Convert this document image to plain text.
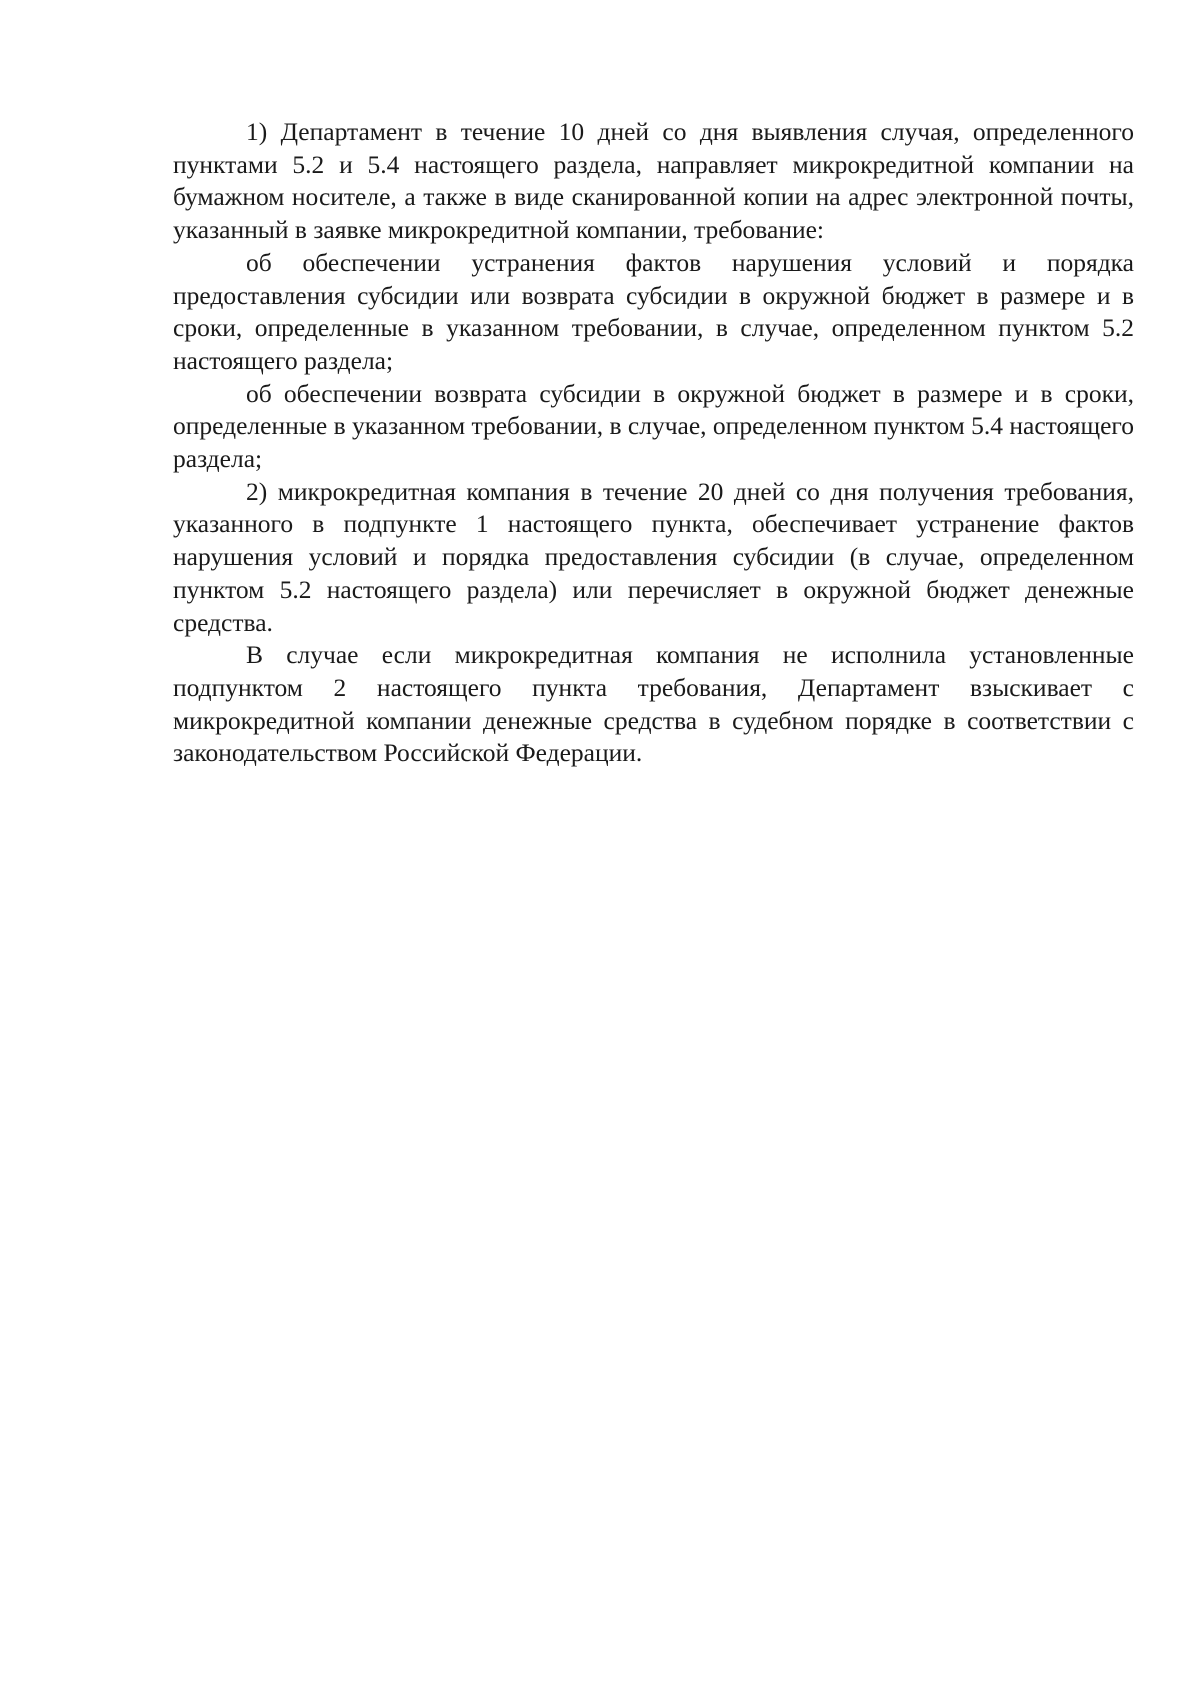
1) Департамент в течение 10 дней со дня выявления случая, определенного пунктами 5.2 и 5.4 настоящего раздела, направляет микрокредитной компании на бумажном носителе, а также в виде сканированной копии на адрес электронной почты, указанный в заявке микрокредитной компании, требование:

об обеспечении устранения фактов нарушения условий и порядка предоставления субсидии или возврата субсидии в окружной бюджет в размере и в сроки, определенные в указанном требовании, в случае, определенном пунктом 5.2 настоящего раздела;

об обеспечении возврата субсидии в окружной бюджет в размере и в сроки, определенные в указанном требовании, в случае, определенном пунктом 5.4 настоящего раздела;

2) микрокредитная компания в течение 20 дней со дня получения требования, указанного в подпункте 1 настоящего пункта, обеспечивает устранение фактов нарушения условий и порядка предоставления субсидии (в случае, определенном пунктом 5.2 настоящего раздела) или перечисляет в окружной бюджет денежные средства.

В случае если микрокредитная компания не исполнила установленные подпунктом 2 настоящего пункта требования, Департамент взыскивает с микрокредитной компании денежные средства в судебном порядке в соответствии с законодательством Российской Федерации.
